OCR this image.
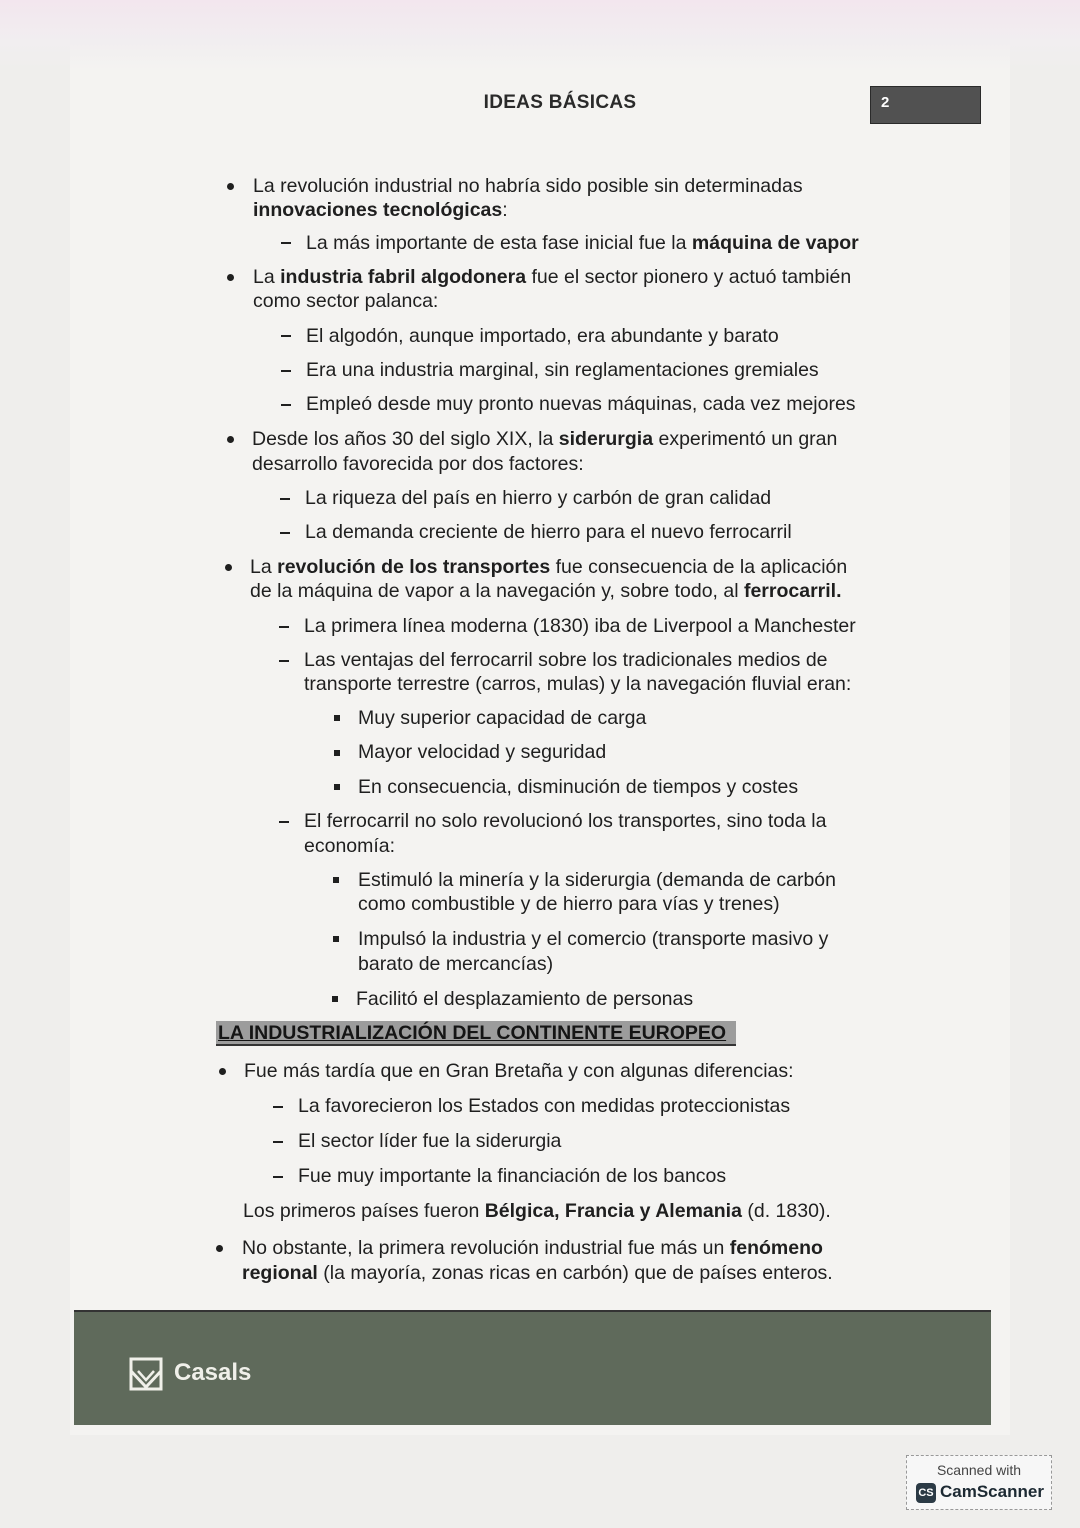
IDEAS BÁSICAS	2
La revolución industrial no habría sido posible sin determinadas
innovaciones tecnológicas:
La más importante de esta fase inicial fue la máquina de vapor
La industria fabril algodonera fue el sector pionero y actuó también
como sector palanca:
El algodón, aunque importado, era abundante y barato
Era una industria marginal, sin reglamentaciones gremiales
Empleó desde muy pronto nuevas máquinas, cada vez mejores
Desde los años 30 del siglo XIX, la siderurgia experimentó un gran
desarrollo favorecida por dos factores:
La riqueza del país en hierro y carbón de gran calidad
La demanda creciente de hierro para el nuevo ferrocarril
La revolución de los transportes fue consecuencia de la aplicación
de la máquina de vapor a la navegación y, sobre todo, al ferrocarril.
La primera línea moderna (1830) iba de Liverpool a Manchester
Las ventajas del ferrocarril sobre los tradicionales medios de
transporte terrestre (carros, mulas) y la navegación fluvial eran:
Muy superior capacidad de carga
Mayor velocidad y seguridad
En consecuencia, disminución de tiempos y costes
El ferrocarril no solo revolucionó los transportes, sino toda la
economía:
Estimuló la minería y la siderurgia (demanda de carbón
como combustible y de hierro para vías y trenes)
Impulsó la industria y el comercio (transporte masivo y
barato de mercancías)
Facilitó el desplazamiento de personas
LA INDUSTRIALIZACIÓN DEL CONTINENTE EUROPEO
Fue más tardía que en Gran Bretaña y con algunas diferencias:
La favorecieron los Estados con medidas proteccionistas
El sector líder fue la siderurgia
Fue muy importante la financiación de los bancos
Los primeros países fueron Bélgica, Francia y Alemania (d. 1830).
No obstante, la primera revolución industrial fue más un fenómeno
regional (la mayoría, zonas ricas en carbón) que de países enteros.
Casals
Scanned with
CS CamScanner
